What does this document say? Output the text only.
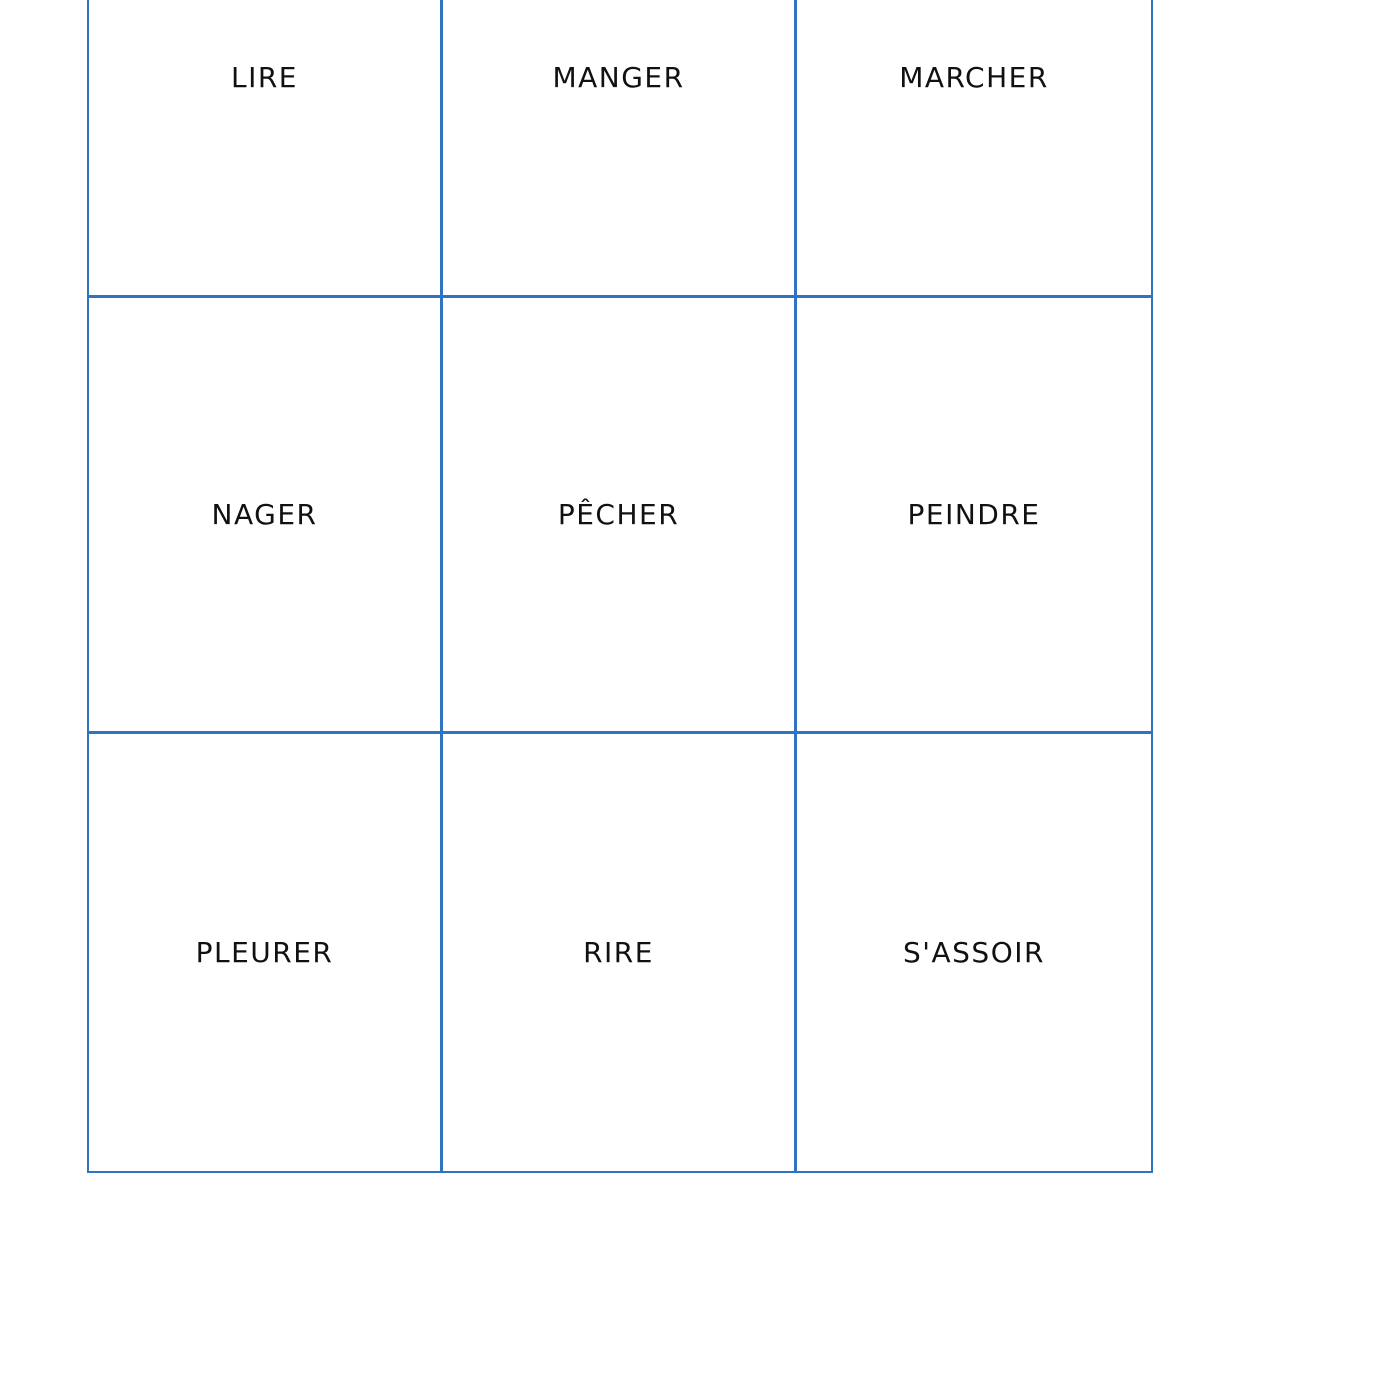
LIRE	MANGER	MARCHER
NAGER	PÊCHER	PEINDRE
PLEURER	RIRE	S'ASSOIR
